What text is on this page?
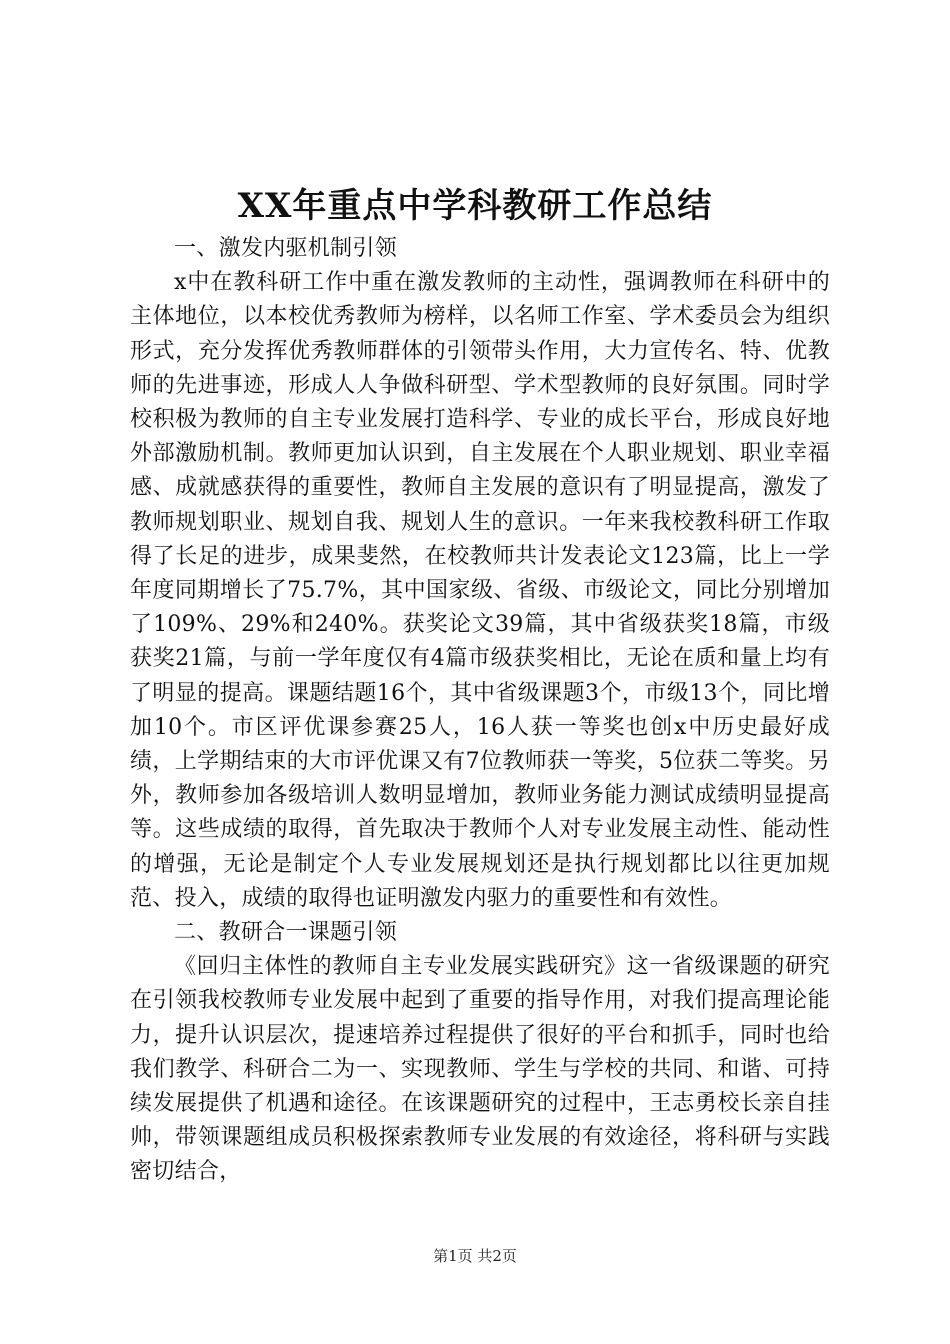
XX年重点中学科教研工作总结

一、激发内驱机制引领

x中在教科研工作中重在激发教师的主动性，强调教师在科研中的主体地位，以本校优秀教师为榜样，以名师工作室、学术委员会为组织形式，充分发挥优秀教师群体的引领带头作用，大力宣传名、特、优教师的先进事迹，形成人人争做科研型、学术型教师的良好氛围。同时学校积极为教师的自主专业发展打造科学、专业的成长平台，形成良好地外部激励机制。教师更加认识到，自主发展在个人职业规划、职业幸福感、成就感获得的重要性，教师自主发展的意识有了明显提高，激发了教师规划职业、规划自我、规划人生的意识。一年来我校教科研工作取得了长足的进步，成果斐然，在校教师共计发表论文123篇，比上一学年度同期增长了75.7%，其中国家级、省级、市级论文，同比分别增加了109%、29%和240%。获奖论文39篇，其中省级获奖18篇，市级获奖21篇，与前一学年度仅有4篇市级获奖相比，无论在质和量上均有了明显的提高。课题结题16个，其中省级课题3个，市级13个，同比增加10个。市区评优课参赛25人，16人获一等奖也创x中历史最好成绩，上学期结束的大市评优课又有7位教师获一等奖，5位获二等奖。另外，教师参加各级培训人数明显增加，教师业务能力测试成绩明显提高等。这些成绩的取得，首先取决于教师个人对专业发展主动性、能动性的增强，无论是制定个人专业发展规划还是执行规划都比以往更加规范、投入，成绩的取得也证明激发内驱力的重要性和有效性。

二、教研合一课题引领

《回归主体性的教师自主专业发展实践研究》这一省级课题的研究在引领我校教师专业发展中起到了重要的指导作用，对我们提高理论能力，提升认识层次，提速培养过程提供了很好的平台和抓手，同时也给我们教学、科研合二为一、实现教师、学生与学校的共同、和谐、可持续发展提供了机遇和途径。在该课题研究的过程中，王志勇校长亲自挂帅，带领课题组成员积极探索教师专业发展的有效途径，将科研与实践密切结合，

第1页 共2页
